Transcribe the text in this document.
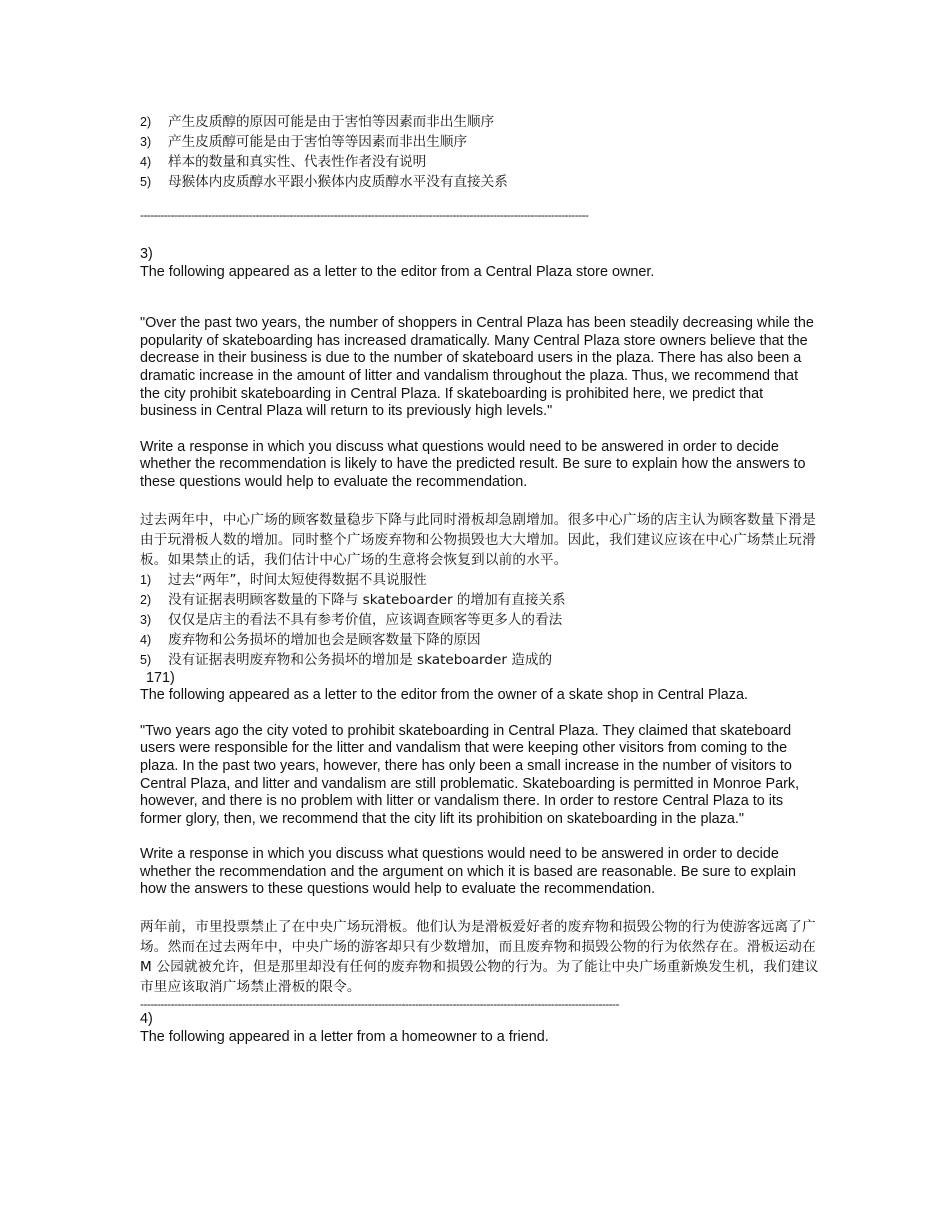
2)	产生皮质醇的原因可能是由于害怕等因素而非出生顺序
3)	产生皮质醇可能是由于害怕等等因素而非出生顺序
4)	样本的数量和真实性、代表性作者没有说明
5)	母猴体内皮质醇水平跟小猴体内皮质醇水平没有直接关系

------------------------------------------------------------------------------------------------------------------------------------

3)

The following appeared as a letter to the editor from a Central Plaza store owner.

"Over the past two years, the number of shoppers in Central Plaza has been steadily decreasing while the popularity of skateboarding has increased dramatically. Many Central Plaza store owners believe that the decrease in their business is due to the number of skateboard users in the plaza. There has also been a dramatic increase in the amount of litter and vandalism throughout the plaza. Thus, we recommend that the city prohibit skateboarding in Central Plaza. If skateboarding is prohibited here, we predict that business in Central Plaza will return to its previously high levels."

Write a response in which you discuss what questions would need to be answered in order to decide whether the recommendation is likely to have the predicted result. Be sure to explain how the answers to these questions would help to evaluate the recommendation.

过去两年中，中心广场的顾客数量稳步下降与此同时滑板却急剧增加。很多中心广场的店主认为顾客数量下滑是由于玩滑板人数的增加。同时整个广场废弃物和公物损毁也大大增加。因此，我们建议应该在中心广场禁止玩滑板。如果禁止的话，我们估计中心广场的生意将会恢复到以前的水平。

1)	过去“两年”，时间太短使得数据不具说服性
2)	没有证据表明顾客数量的下降与 skateboarder 的增加有直接关系
3)	仅仅是店主的看法不具有参考价值，应该调查顾客等更多人的看法
4)	废弃物和公务损坏的增加也会是顾客数量下降的原因
5)	没有证据表明废弃物和公务损坏的增加是 skateboarder 造成的

171)

The following appeared as a letter to the editor from the owner of a skate shop in Central Plaza.

"Two years ago the city voted to prohibit skateboarding in Central Plaza. They claimed that skateboard users were responsible for the litter and vandalism that were keeping other visitors from coming to the plaza. In the past two years, however, there has only been a small increase in the number of visitors to Central Plaza, and litter and vandalism are still problematic. Skateboarding is permitted in Monroe Park, however, and there is no problem with litter or vandalism there. In order to restore Central Plaza to its former glory, then, we recommend that the city lift its prohibition on skateboarding in the plaza."

Write a response in which you discuss what questions would need to be answered in order to decide whether the recommendation and the argument on which it is based are reasonable. Be sure to explain how the answers to these questions would help to evaluate the recommendation.

两年前，市里投票禁止了在中央广场玩滑板。他们认为是滑板爱好者的废弃物和损毁公物的行为使游客远离了广场。然而在过去两年中，中央广场的游客却只有少数增加，而且废弃物和损毁公物的行为依然存在。滑板运动在 M 公园就被允许，但是那里却没有任何的废弃物和损毁公物的行为。为了能让中央广场重新焕发生机，我们建议市里应该取消广场禁止滑板的限令。

---------------------------------------------------------------------------------------------------------------------------------------------

4)

The following appeared in a letter from a homeowner to a friend.
